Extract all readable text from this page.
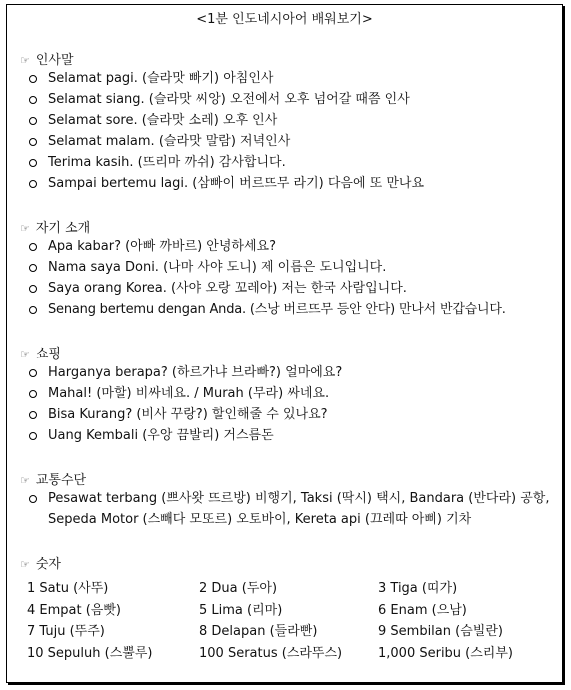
<1분 인도네시아어 배워보기>
☞ 인사말
Selamat pagi. (슬라맛 빠기) 아침인사
Selamat siang. (슬라맛 씨앙) 오전에서 오후 넘어갈 때쯤 인사
Selamat sore. (슬라맛 소레) 오후 인사
Selamat malam. (슬라맛 말람) 저녁인사
Terima kasih. (뜨리마 까쉬) 감사합니다.
Sampai bertemu lagi. (삼빠이 버르뜨무 라기) 다음에 또 만나요
☞ 자기 소개
Apa kabar? (아빠 까바르) 안녕하세요?
Nama saya Doni. (나마 사야 도니) 제 이름은 도니입니다.
Saya orang Korea. (사야 오랑 꼬레아) 저는 한국 사람입니다.
Senang bertemu dengan Anda. (스낭 버르뜨무 등안 안다) 만나서 반갑습니다.
☞ 쇼핑
Harganya berapa? (하르가냐 브라빠?) 얼마에요?
Mahal! (마할) 비싸네요. / Murah (무라) 싸네요.
Bisa Kurang? (비사 꾸랑?) 할인해줄 수 있나요?
Uang Kembali (우앙 끔발리) 거스름돈
☞ 교통수단
Pesawat terbang (쁘사왓 뜨르방) 비행기, Taksi (딱시) 택시, Bandara (반다라) 공항, Sepeda Motor (스빼다 모또르) 오토바이, Kereta api (끄레따 아삐) 기차
☞ 숫자
1 Satu (사뚜)	2 Dua (두아)	3 Tiga (띠가)
4 Empat (음빳)	5 Lima (리마)	6 Enam (으남)
7 Tuju (뚜주)	8 Delapan (들라빤)	9 Sembilan (슴빌란)
10 Sepuluh (스뿔루)	100 Seratus (스라뚜스)	1,000 Seribu (스리부)
